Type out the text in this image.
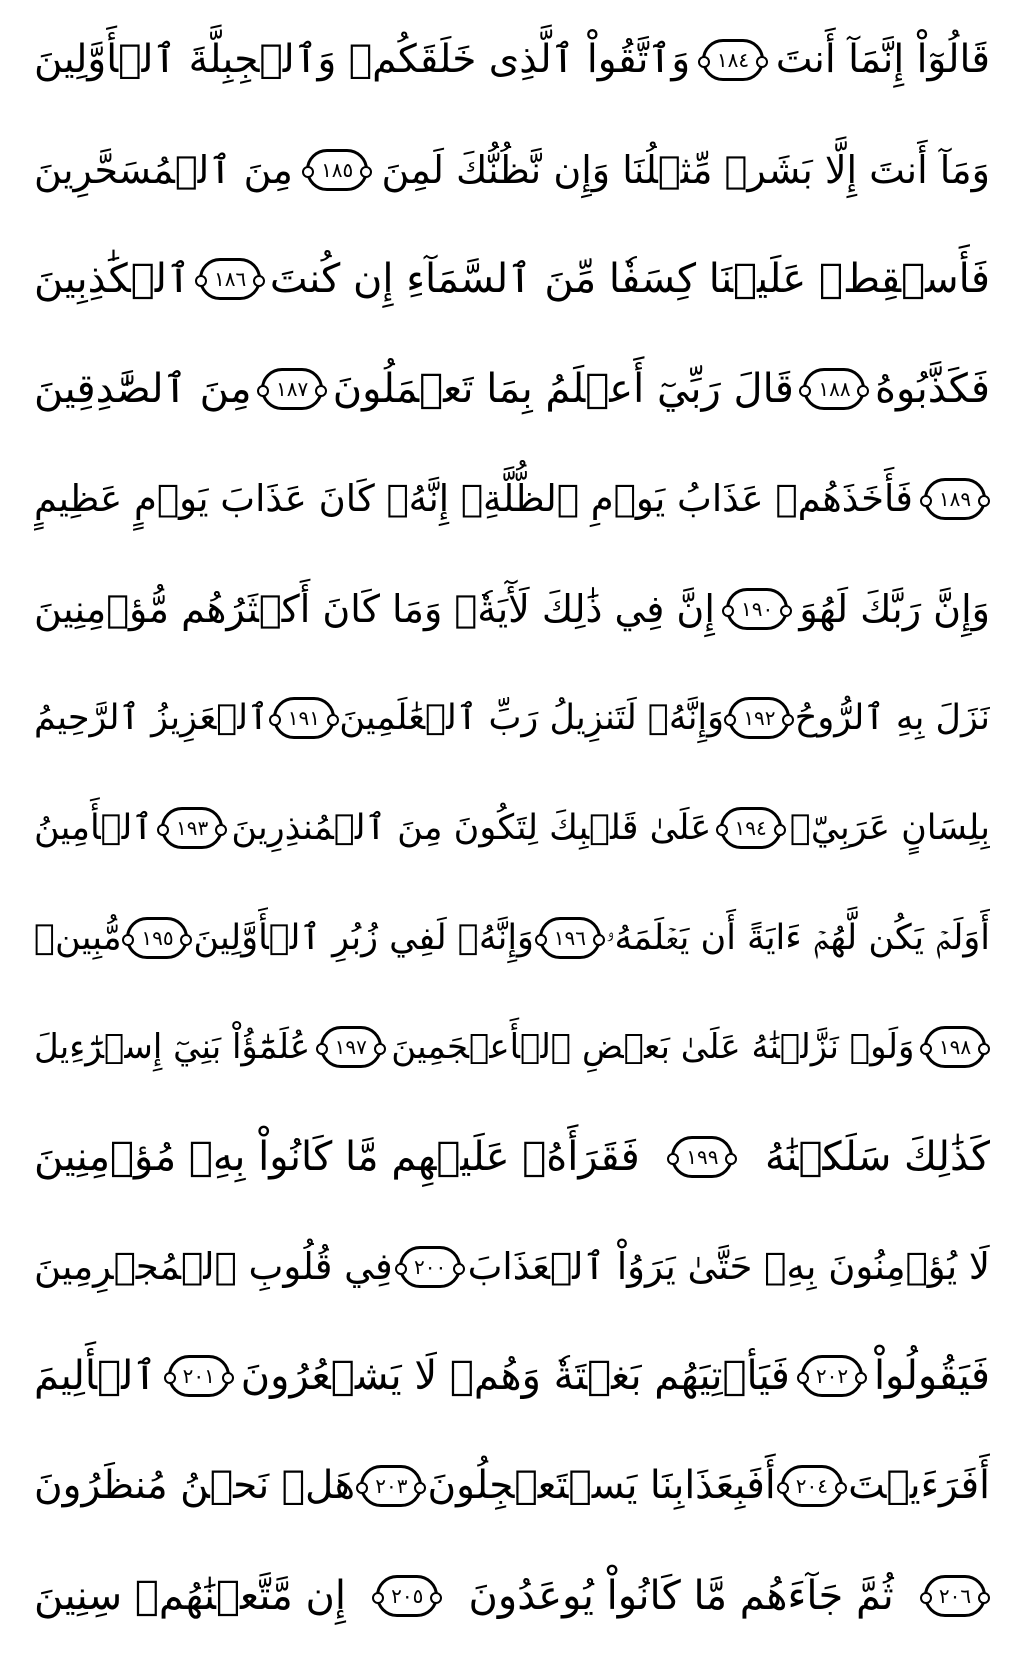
قَالُوٓاْ إِنَّمَآ أَنتَ
١٨٤
وَٱتَّقُواْ ٱلَّذِى خَلَقَكُمۡ وَٱلۡجِبِلَّةَ ٱلۡأَوَّلِينَ
وَمَآ أَنتَ إِلَّا بَشَرٞ مِّثۡلُنَا وَإِن نَّظُنُّكَ لَمِنَ
١٨٥
مِنَ ٱلۡمُسَحَّرِينَ
فَأَسۡقِطۡ عَلَيۡنَا كِسَفٗا مِّنَ ٱلسَّمَآءِ إِن كُنتَ
١٨٦
ٱلۡكَٰذِبِينَ
فَكَذَّبُوهُ
١٨٨
قَالَ رَبِّيٓ أَعۡلَمُ بِمَا تَعۡمَلُونَ
١٨٧
مِنَ ٱلصَّٰدِقِينَ
١٨٩
فَأَخَذَهُمۡ عَذَابُ يَوۡمِ ٱلظُّلَّةِۚ إِنَّهُۥ كَانَ عَذَابَ يَوۡمٍ عَظِيمٍ
وَإِنَّ رَبَّكَ لَهُوَ
١٩٠
إِنَّ فِي ذَٰلِكَ لَأٓيَةٗۖ وَمَا كَانَ أَكۡثَرُهُم مُّؤۡمِنِينَ
نَزَلَ بِهِ ٱلرُّوحُ
١٩٢
وَإِنَّهُۥ لَتَنزِيلُ رَبِّ ٱلۡعَٰلَمِينَ
١٩١
ٱلۡعَزِيزُ ٱلرَّحِيمُ
بِلِسَانٍ عَرَبِيّٖ
١٩٤
عَلَىٰ قَلۡبِكَ لِتَكُونَ مِنَ ٱلۡمُنذِرِينَ
١٩٣
ٱلۡأَمِينُ
أَوَلَمۡ يَكُن لَّهُمۡ ءَايَةً أَن يَعۡلَمَهُۥ
١٩٦
وَإِنَّهُۥ لَفِي زُبُرِ ٱلۡأَوَّلِينَ
١٩٥
مُّبِينٖ
١٩٨
وَلَوۡ نَزَّلۡنَٰهُ عَلَىٰ بَعۡضِ ٱلۡأَعۡجَمِينَ
١٩٧
عُلَمَٰٓؤُاْ بَنِيٓ إِسۡرَٰٓءِيلَ
كَذَٰلِكَ سَلَكۡنَٰهُ
١٩٩
فَقَرَأَهُۥ عَلَيۡهِم مَّا كَانُواْ بِهِۦ مُؤۡمِنِينَ
لَا يُؤۡمِنُونَ بِهِۦ حَتَّىٰ يَرَوُاْ ٱلۡعَذَابَ
٢٠٠
فِي قُلُوبِ ٱلۡمُجۡرِمِينَ
فَيَقُولُواْ
٢٠٢
فَيَأۡتِيَهُم بَغۡتَةٗ وَهُمۡ لَا يَشۡعُرُونَ
٢٠١
ٱلۡأَلِيمَ
أَفَرَءَيۡتَ
٢٠٤
أَفَبِعَذَابِنَا يَسۡتَعۡجِلُونَ
٢٠٣
هَلۡ نَحۡنُ مُنظَرُونَ
٢٠٦
ثُمَّ جَآءَهُم مَّا كَانُواْ يُوعَدُونَ
٢٠٥
إِن مَّتَّعۡنَٰهُمۡ سِنِينَ
